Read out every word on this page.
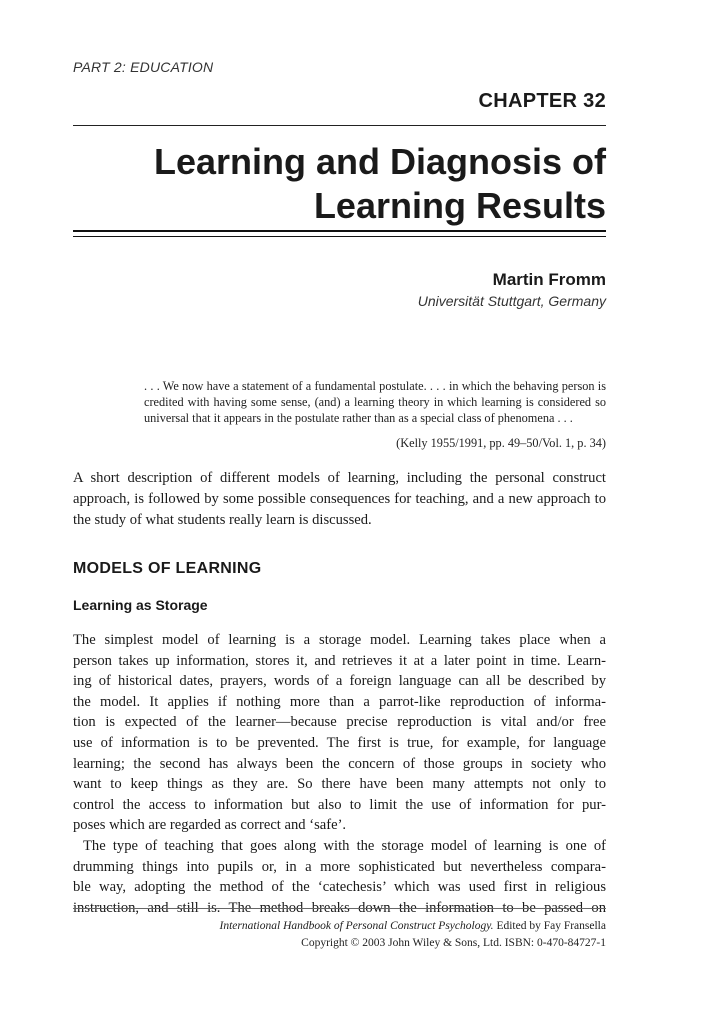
PART 2: EDUCATION
CHAPTER 32
Learning and Diagnosis of
Learning Results
Martin Fromm
Universität Stuttgart, Germany
. . . We now have a statement of a fundamental postulate. . . . in which the behaving person is credited with having some sense, (and) a learning theory in which learning is considered so universal that it appears in the postulate rather than as a special class of phenomena . . .
(Kelly 1955/1991, pp. 49–50/Vol. 1, p. 34)
A short description of different models of learning, including the personal construct approach, is followed by some possible consequences for teaching, and a new approach to the study of what students really learn is discussed.
MODELS OF LEARNING
Learning as Storage
The simplest model of learning is a storage model. Learning takes place when a
person takes up information, stores it, and retrieves it at a later point in time. Learn-
ing of historical dates, prayers, words of a foreign language can all be described by
the model. It applies if nothing more than a parrot-like reproduction of informa-
tion is expected of the learner—because precise reproduction is vital and/or free
use of information is to be prevented. The first is true, for example, for language
learning; the second has always been the concern of those groups in society who
want to keep things as they are. So there have been many attempts not only to
control the access to information but also to limit the use of information for pur-
poses which are regarded as correct and ‘safe’.
The type of teaching that goes along with the storage model of learning is one of
drumming things into pupils or, in a more sophisticated but nevertheless compara-
ble way, adopting the method of the ‘catechesis’ which was used first in religious
instruction, and still is. The method breaks down the information to be passed on
International Handbook of Personal Construct Psychology. Edited by Fay Fransella
Copyright © 2003 John Wiley & Sons, Ltd. ISBN: 0-470-84727-1
